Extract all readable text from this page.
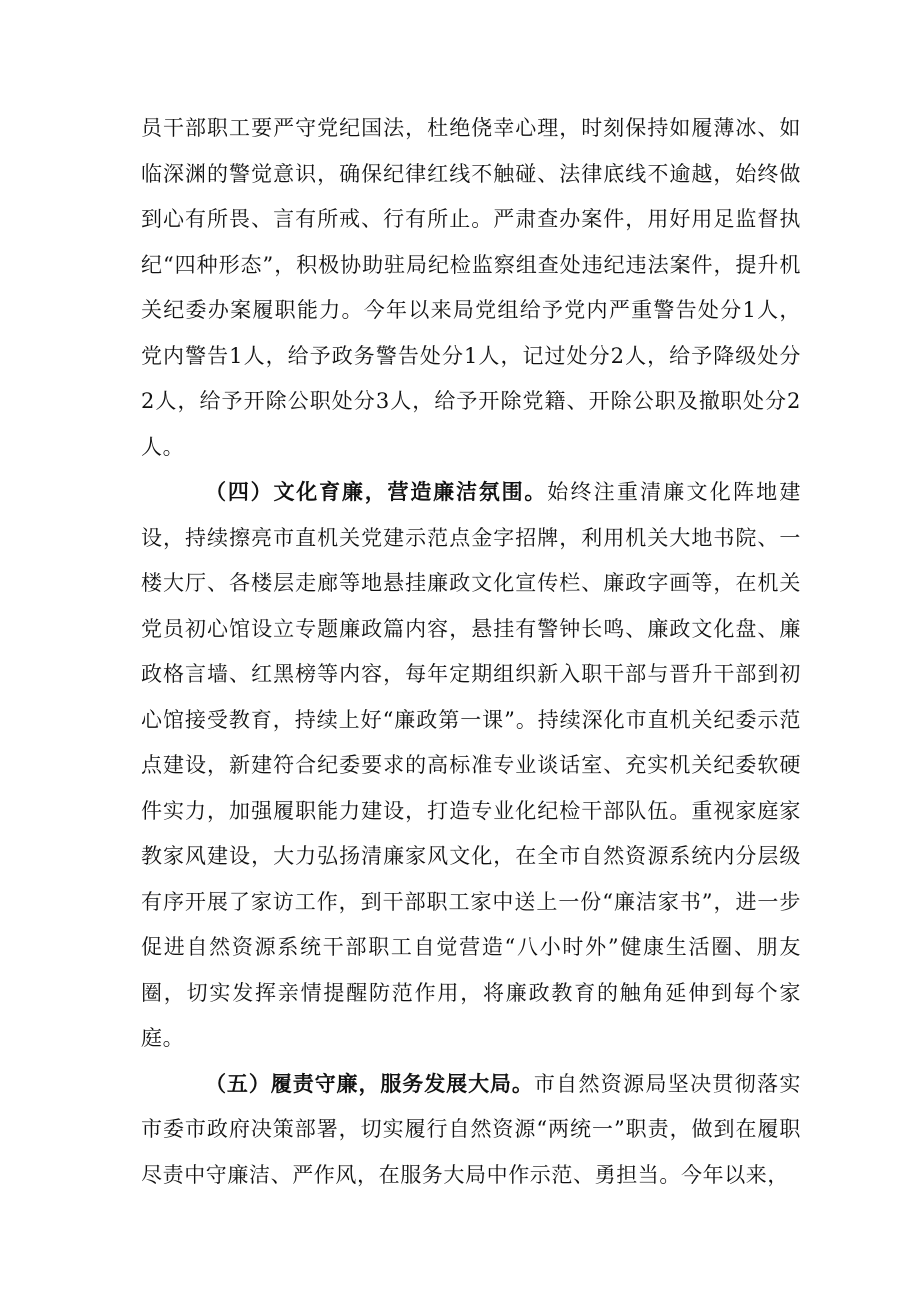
员干部职工要严守党纪国法，杜绝侥幸心理，时刻保持如履薄冰、如临深渊的警觉意识，确保纪律红线不触碰、法律底线不逾越，始终做到心有所畏、言有所戒、行有所止。严肃查办案件，用好用足监督执纪“四种形态”，积极协助驻局纪检监察组查处违纪违法案件，提升机关纪委办案履职能力。今年以来局党组给予党内严重警告处分1人，党内警告1人，给予政务警告处分1人，记过处分2人，给予降级处分2人，给予开除公职处分3人，给予开除党籍、开除公职及撤职处分2人。

（四）文化育廉，营造廉洁氛围。始终注重清廉文化阵地建设，持续擦亮市直机关党建示范点金字招牌，利用机关大地书院、一楼大厅、各楼层走廊等地悬挂廉政文化宣传栏、廉政字画等，在机关党员初心馆设立专题廉政篇内容，悬挂有警钟长鸣、廉政文化盘、廉政格言墙、红黑榜等内容，每年定期组织新入职干部与晋升干部到初心馆接受教育，持续上好“廉政第一课”。持续深化市直机关纪委示范点建设，新建符合纪委要求的高标准专业谈话室、充实机关纪委软硬件实力，加强履职能力建设，打造专业化纪检干部队伍。重视家庭家教家风建设，大力弘扬清廉家风文化，在全市自然资源系统内分层级有序开展了家访工作，到干部职工家中送上一份“廉洁家书”，进一步促进自然资源系统干部职工自觉营造“八小时外”健康生活圈、朋友圈，切实发挥亲情提醒防范作用，将廉政教育的触角延伸到每个家庭。

（五）履责守廉，服务发展大局。市自然资源局坚决贯彻落实市委市政府决策部署，切实履行自然资源“两统一”职责，做到在履职尽责中守廉洁、严作风，在服务大局中作示范、勇担当。今年以来，
